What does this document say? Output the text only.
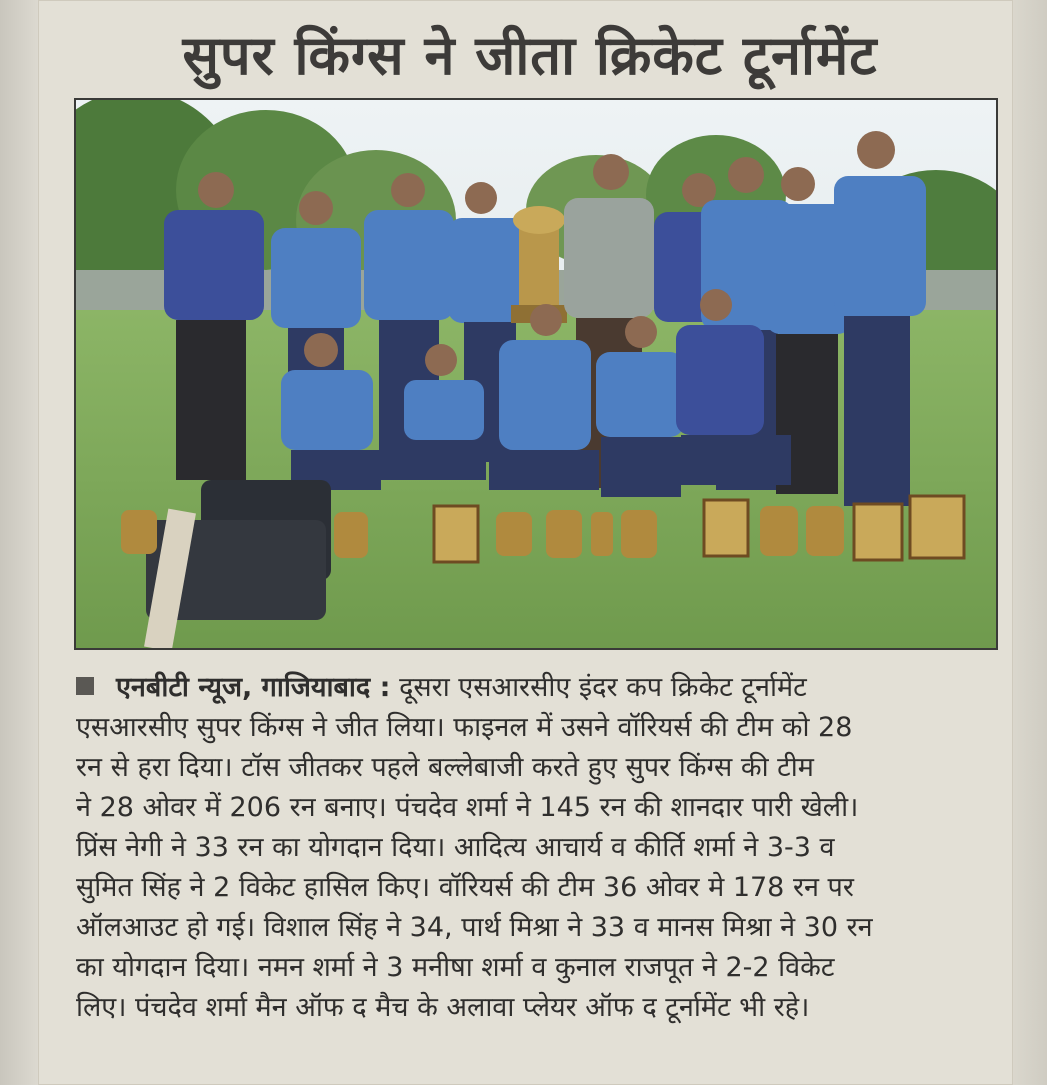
सुपर किंग्स ने जीता क्रिकेट टूर्नामेंट
एनबीटी न्यूज, गाजियाबाद : दूसरा एसआरसीए इंदर कप क्रिकेट टूर्नामेंट
एसआरसीए सुपर किंग्स ने जीत लिया। फाइनल में उसने वॉरियर्स की टीम को 28
रन से हरा दिया। टॉस जीतकर पहले बल्लेबाजी करते हुए सुपर किंग्स की टीम
ने 28 ओवर में 206 रन बनाए। पंचदेव शर्मा ने 145 रन की शानदार पारी खेली।
प्रिंस नेगी ने 33 रन का योगदान दिया। आदित्य आचार्य व कीर्ति शर्मा ने 3-3 व
सुमित सिंह ने 2 विकेट हासिल किए। वॉरियर्स की टीम 36 ओवर मे 178 रन पर
ऑलआउट हो गई। विशाल सिंह ने 34, पार्थ मिश्रा ने 33 व मानस मिश्रा ने 30 रन
का योगदान दिया। नमन शर्मा ने 3 मनीषा शर्मा व कुनाल राजपूत ने 2-2 विकेट
लिए। पंचदेव शर्मा मैन ऑफ द मैच के अलावा प्लेयर ऑफ द टूर्नामेंट भी रहे।
